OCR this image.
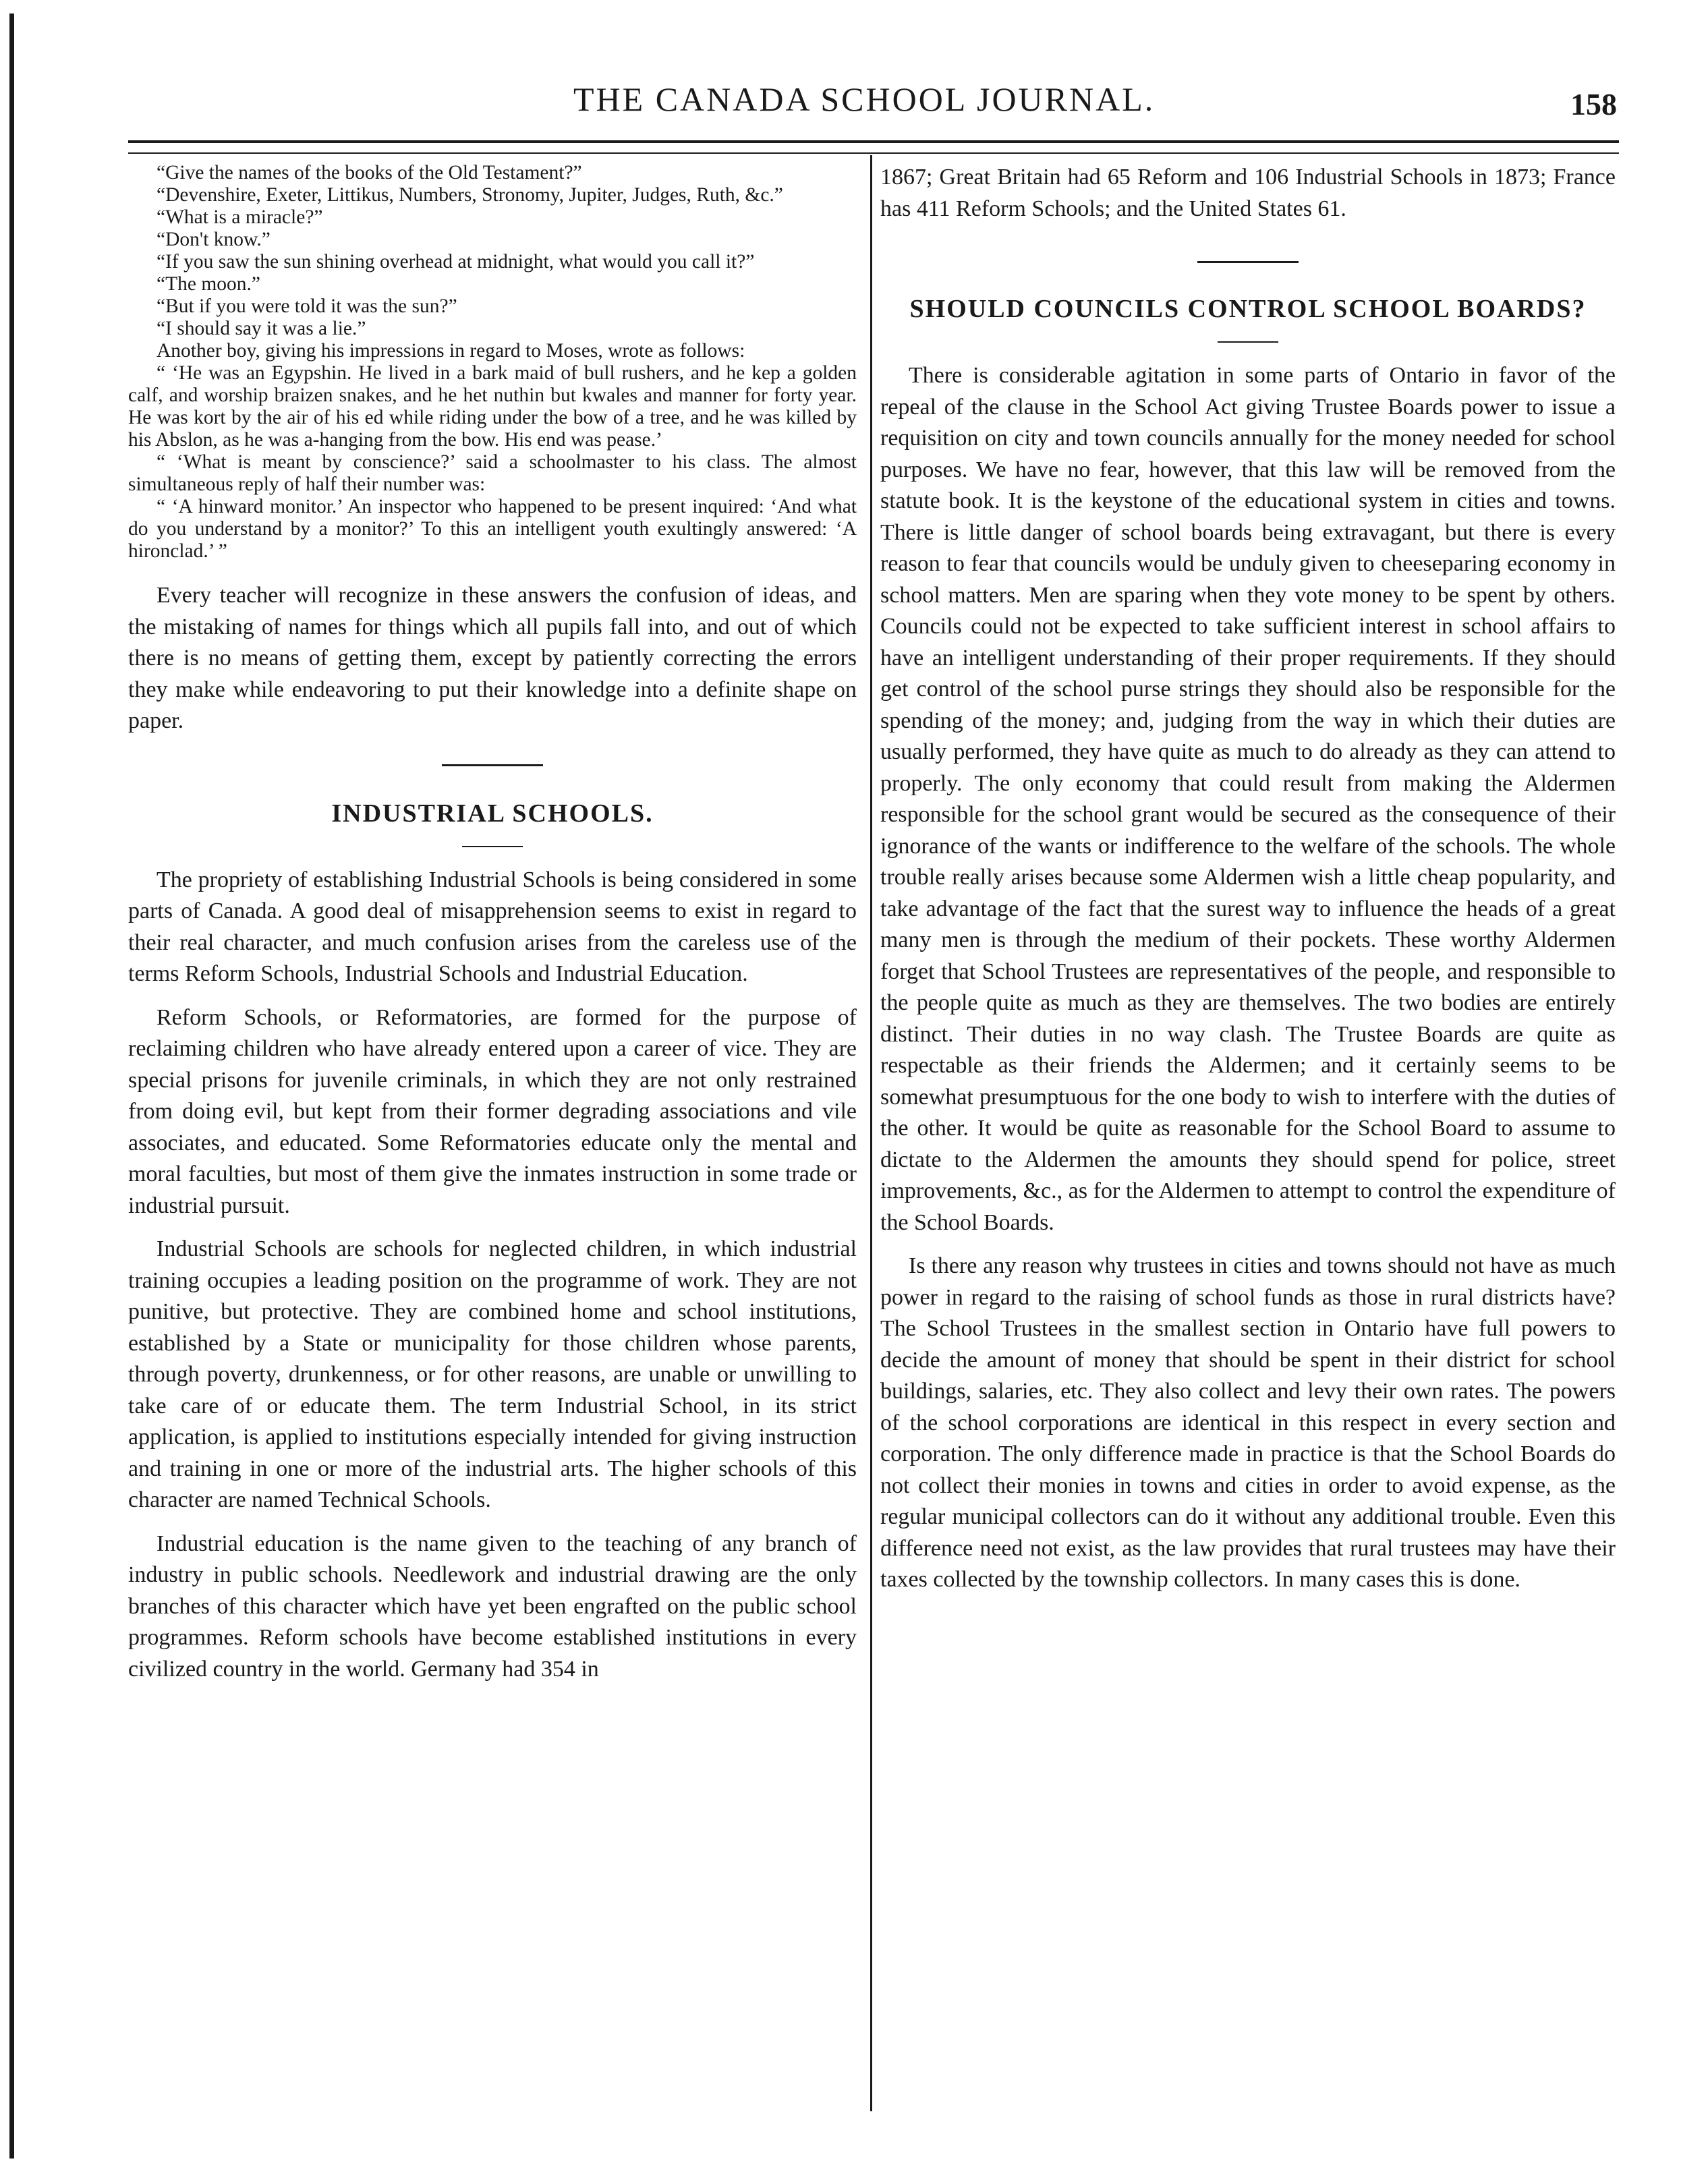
THE CANADA SCHOOL JOURNAL.	158

“Give the names of the books of the Old Testament?”

“Devenshire, Exeter, Littikus, Numbers, Stronomy, Jupiter, Judges, Ruth, &c.”

“What is a miracle?”

“Don't know.”

“If you saw the sun shining overhead at midnight, what would you call it?”

“The moon.”

“But if you were told it was the sun?”

“I should say it was a lie.”

Another boy, giving his impressions in regard to Moses, wrote as follows:

“ ‘He was an Egypshin. He lived in a bark maid of bull rushers, and he kep a golden calf, and worship braizen snakes, and he het nuthin but kwales and manner for forty year. He was kort by the air of his ed while riding under the bow of a tree, and he was killed by his Abslon, as he was a-hanging from the bow. His end was pease.’

“ ‘What is meant by conscience?’ said a schoolmaster to his class. The almost simultaneous reply of half their number was:

“ ‘A hinward monitor.’ An inspector who happened to be present inquired: ‘And what do you understand by a monitor?’ To this an intelligent youth exultingly answered: ‘A hironclad.’ ”

Every teacher will recognize in these answers the confusion of ideas, and the mistaking of names for things which all pupils fall into, and out of which there is no means of getting them, except by patiently correcting the errors they make while endeavoring to put their knowledge into a definite shape on paper.

INDUSTRIAL SCHOOLS.

The propriety of establishing Industrial Schools is being considered in some parts of Canada. A good deal of misapprehension seems to exist in regard to their real character, and much confusion arises from the careless use of the terms Reform Schools, Industrial Schools and Industrial Education.

Reform Schools, or Reformatories, are formed for the purpose of reclaiming children who have already entered upon a career of vice. They are special prisons for juvenile criminals, in which they are not only restrained from doing evil, but kept from their former degrading associations and vile associates, and educated. Some Reformatories educate only the mental and moral faculties, but most of them give the inmates instruction in some trade or industrial pursuit.

Industrial Schools are schools for neglected children, in which industrial training occupies a leading position on the programme of work. They are not punitive, but protective. They are combined home and school institutions, established by a State or municipality for those children whose parents, through poverty, drunkenness, or for other reasons, are unable or unwilling to take care of or educate them. The term Industrial School, in its strict application, is applied to institutions especially intended for giving instruction and training in one or more of the industrial arts. The higher schools of this character are named Technical Schools.

Industrial education is the name given to the teaching of any branch of industry in public schools. Needlework and industrial drawing are the only branches of this character which have yet been engrafted on the public school programmes. Reform schools have become established institutions in every civilized country in the world. Germany had 354 in

1867; Great Britain had 65 Reform and 106 Industrial Schools in 1873; France has 411 Reform Schools; and the United States 61.

SHOULD COUNCILS CONTROL SCHOOL BOARDS?

There is considerable agitation in some parts of Ontario in favor of the repeal of the clause in the School Act giving Trustee Boards power to issue a requisition on city and town councils annually for the money needed for school purposes. We have no fear, however, that this law will be removed from the statute book. It is the keystone of the educational system in cities and towns. There is little danger of school boards being extravagant, but there is every reason to fear that councils would be unduly given to cheeseparing economy in school matters. Men are sparing when they vote money to be spent by others. Councils could not be expected to take sufficient interest in school affairs to have an intelligent understanding of their proper requirements. If they should get control of the school purse strings they should also be responsible for the spending of the money; and, judging from the way in which their duties are usually performed, they have quite as much to do already as they can attend to properly. The only economy that could result from making the Aldermen responsible for the school grant would be secured as the consequence of their ignorance of the wants or indifference to the welfare of the schools. The whole trouble really arises because some Aldermen wish a little cheap popularity, and take advantage of the fact that the surest way to influence the heads of a great many men is through the medium of their pockets. These worthy Aldermen forget that School Trustees are representatives of the people, and responsible to the people quite as much as they are themselves. The two bodies are entirely distinct. Their duties in no way clash. The Trustee Boards are quite as respectable as their friends the Aldermen; and it certainly seems to be somewhat presumptuous for the one body to wish to interfere with the duties of the other. It would be quite as reasonable for the School Board to assume to dictate to the Aldermen the amounts they should spend for police, street improvements, &c., as for the Aldermen to attempt to control the expenditure of the School Boards.

Is there any reason why trustees in cities and towns should not have as much power in regard to the raising of school funds as those in rural districts have? The School Trustees in the smallest section in Ontario have full powers to decide the amount of money that should be spent in their district for school buildings, salaries, etc. They also collect and levy their own rates. The powers of the school corporations are identical in this respect in every section and corporation. The only difference made in practice is that the School Boards do not collect their monies in towns and cities in order to avoid expense, as the regular municipal collectors can do it without any additional trouble. Even this difference need not exist, as the law provides that rural trustees may have their taxes collected by the township collectors. In many cases this is done.
